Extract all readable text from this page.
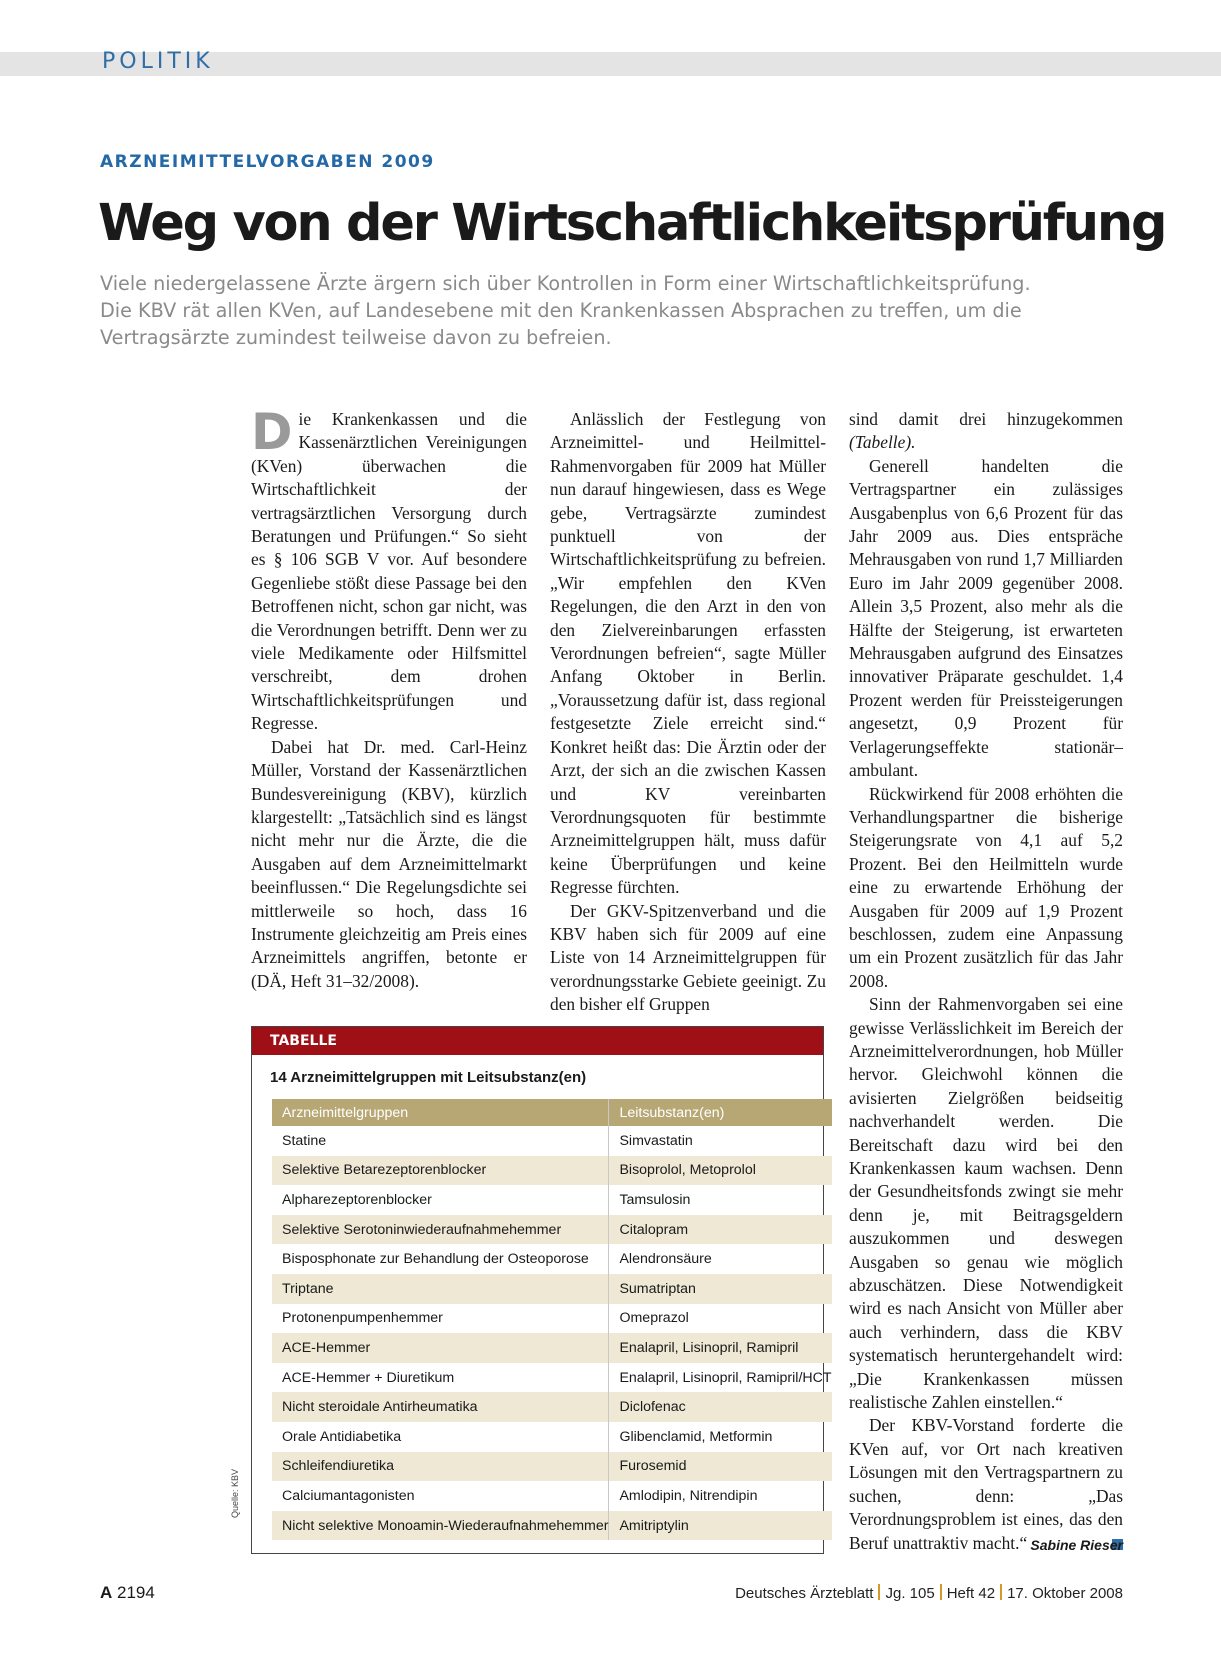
POLITIK
ARZNEIMITTELVORGABEN 2009
Weg von der Wirtschaftlichkeitsprüfung
Viele niedergelassene Ärzte ärgern sich über Kontrollen in Form einer Wirtschaftlichkeitsprüfung.
Die KBV rät allen KVen, auf Landesebene mit den Krankenkassen Absprachen zu treffen, um die
Vertragsärzte zumindest teilweise davon zu befreien.

Die Krankenkassen und die Kassenärztlichen Vereinigungen (KVen) überwachen die Wirtschaftlichkeit der vertragsärztlichen Versorgung durch Beratungen und Prüfungen.“ So sieht es § 106 SGB V vor. Auf besondere Gegenliebe stößt diese Passage bei den Betroffenen nicht, schon gar nicht, was die Verordnungen betrifft. Denn wer zu viele Medikamente oder Hilfsmittel verschreibt, dem drohen Wirtschaftlichkeitsprüfungen und Regresse.

Dabei hat Dr. med. Carl-Heinz Müller, Vorstand der Kassenärztlichen Bundesvereinigung (KBV), kürzlich klargestellt: „Tatsächlich sind es längst nicht mehr nur die Ärzte, die die Ausgaben auf dem Arzneimittelmarkt beeinflussen.“ Die Regelungsdichte sei mittlerweile so hoch, dass 16 Instrumente gleichzeitig am Preis eines Arzneimittels angriffen, betonte er (DÄ, Heft 31–32/2008).

Anlässlich der Festlegung von Arzneimittel- und Heilmittel-Rahmenvorgaben für 2009 hat Müller nun darauf hingewiesen, dass es Wege gebe, Vertragsärzte zumindest punktuell von der Wirtschaftlichkeitsprüfung zu befreien. „Wir empfehlen den KVen Regelungen, die den Arzt in den von den Zielvereinbarungen erfassten Verordnungen befreien“, sagte Müller Anfang Oktober in Berlin. „Voraussetzung dafür ist, dass regional festgesetzte Ziele erreicht sind.“ Konkret heißt das: Die Ärztin oder der Arzt, der sich an die zwischen Kassen und KV vereinbarten Verordnungsquoten für bestimmte Arzneimittelgruppen hält, muss dafür keine Überprüfungen und keine Regresse fürchten.

Der GKV-Spitzenverband und die KBV haben sich für 2009 auf eine Liste von 14 Arzneimittelgruppen für verordnungsstarke Gebiete geeinigt. Zu den bisher elf Gruppen

sind damit drei hinzugekommen (Tabelle).

Generell handelten die Vertragspartner ein zulässiges Ausgabenplus von 6,6 Prozent für das Jahr 2009 aus. Dies entspräche Mehrausgaben von rund 1,7 Milliarden Euro im Jahr 2009 gegenüber 2008. Allein 3,5 Prozent, also mehr als die Hälfte der Steigerung, ist erwarteten Mehrausgaben aufgrund des Einsatzes innovativer Präparate geschuldet. 1,4 Prozent werden für Preissteigerungen angesetzt, 0,9 Prozent für Verlagerungseffekte stationär–ambulant.

Rückwirkend für 2008 erhöhten die Verhandlungspartner die bisherige Steigerungsrate von 4,1 auf 5,2 Prozent. Bei den Heilmitteln wurde eine zu erwartende Erhöhung der Ausgaben für 2009 auf 1,9 Prozent beschlossen, zudem eine Anpassung um ein Prozent zusätzlich für das Jahr 2008.

Sinn der Rahmenvorgaben sei eine gewisse Verlässlichkeit im Bereich der Arzneimittelverordnungen, hob Müller hervor. Gleichwohl können die avisierten Zielgrößen beidseitig nachverhandelt werden. Die Bereitschaft dazu wird bei den Krankenkassen kaum wachsen. Denn der Gesundheitsfonds zwingt sie mehr denn je, mit Beitragsgeldern auszukommen und deswegen Ausgaben so genau wie möglich abzuschätzen. Diese Notwendigkeit wird es nach Ansicht von Müller aber auch verhindern, dass die KBV systematisch heruntergehandelt wird: „Die Krankenkassen müssen realistische Zahlen einstellen.“

Der KBV-Vorstand forderte die KVen auf, vor Ort nach kreativen Lösungen mit den Vertragspartnern zu suchen, denn: „Das Verordnungsproblem ist eines, das den Beruf unattraktiv macht.“ Sabine Rieser
TABELLE
14 Arzneimittelgruppen mit Leitsubstanz(en)
Arzneimittelgruppen	Leitsubstanz(en)
Statine	Simvastatin
Selektive Betarezeptorenblocker	Bisoprolol, Metoprolol
Alpharezeptorenblocker	Tamsulosin
Selektive Serotoninwiederaufnahmehemmer	Citalopram
Bisposphonate zur Behandlung der Osteoporose	Alendronsäure
Triptane	Sumatriptan
Protonenpumpenhemmer	Omeprazol
ACE-Hemmer	Enalapril, Lisinopril, Ramipril
ACE-Hemmer + Diuretikum	Enalapril, Lisinopril, Ramipril/HCT
Nicht steroidale Antirheumatika	Diclofenac
Orale Antidiabetika	Glibenclamid, Metformin
Schleifendiuretika	Furosemid
Calciumantagonisten	Amlodipin, Nitrendipin
Nicht selektive Monoamin-Wiederaufnahmehemmer	Amitriptylin
Quelle: KBV
A 2194	Deutsches Ärzteblatt Jg. 105 Heft 42 17. Oktober 2008
